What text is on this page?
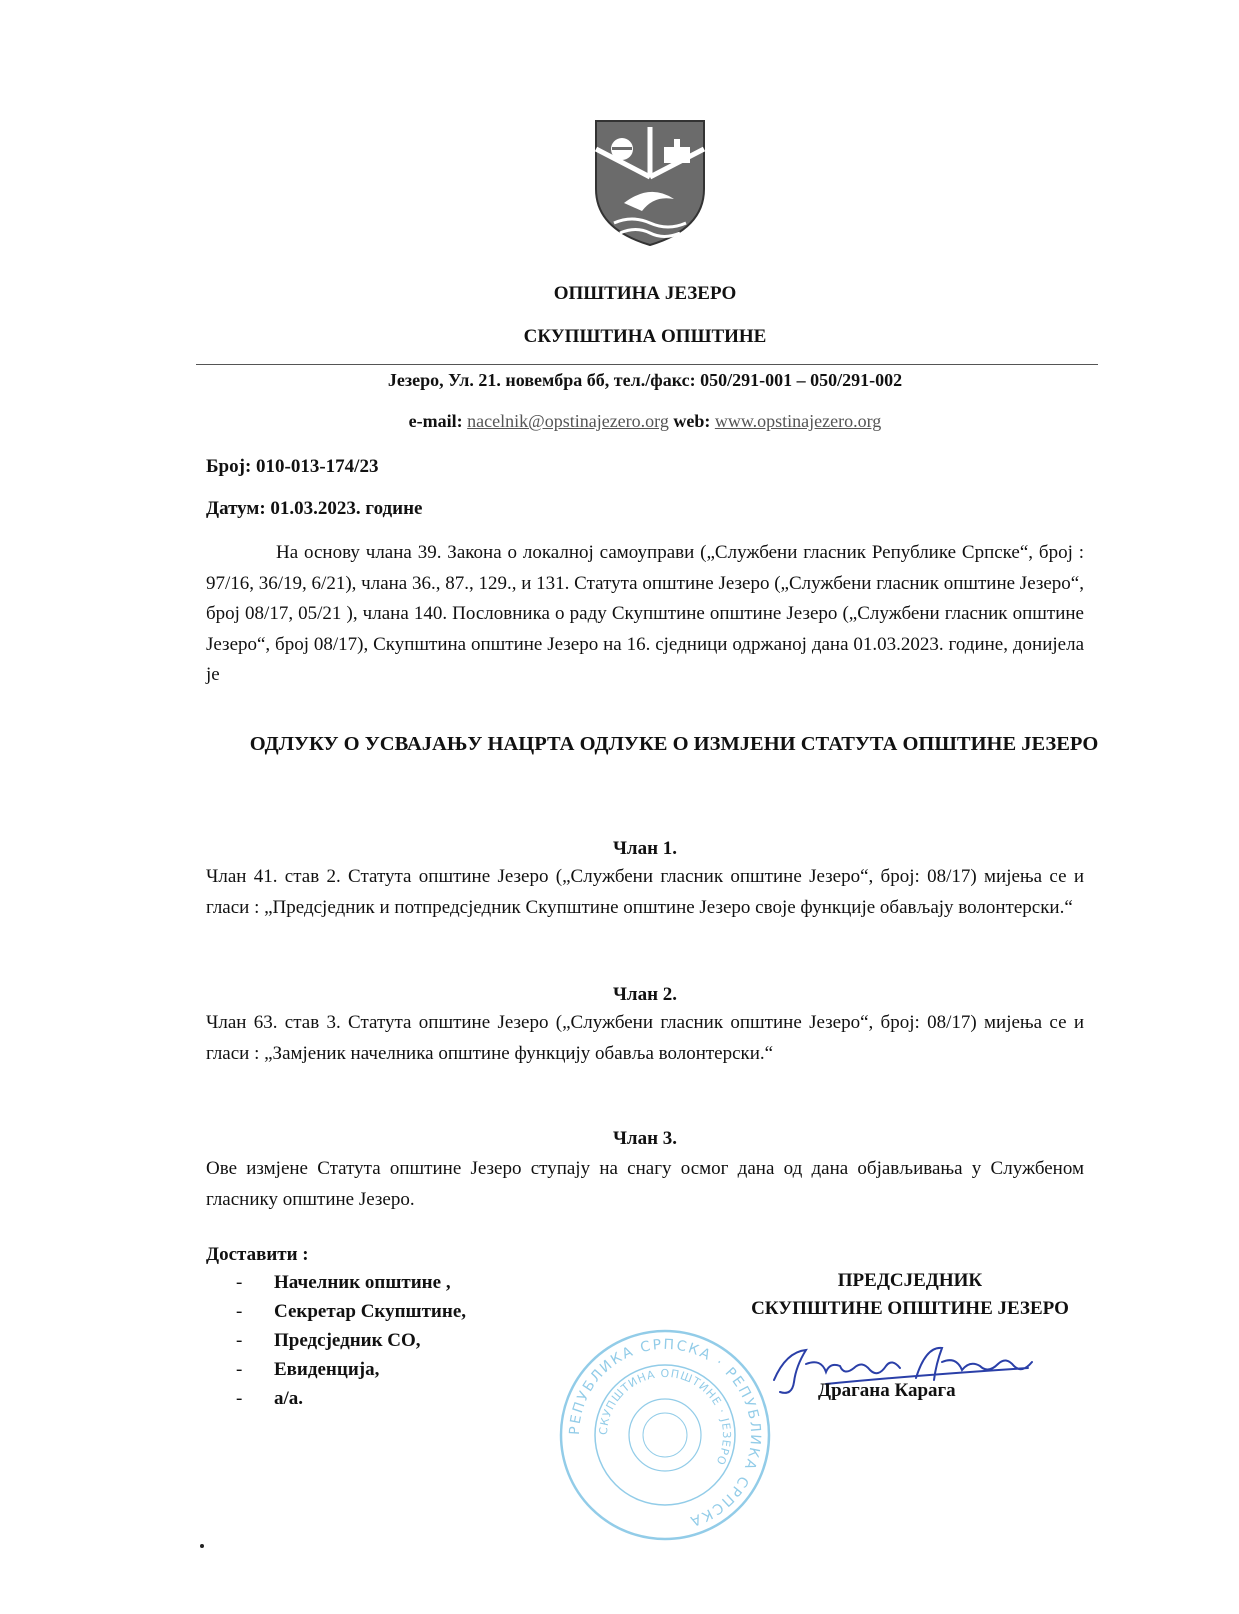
ОПШТИНА ЈЕЗЕРО
СКУПШТИНА ОПШТИНЕ
Језеро, Ул. 21. новембра бб, тел./факс: 050/291-001 – 050/291-002
e-mail: nacelnik@opstinajezero.org web: www.opstinajezero.org
Број: 010-013-174/23
Датум: 01.03.2023. године
На основу члана 39. Закона о локалној самоуправи („Службени гласник Републике Српске“, број : 97/16, 36/19, 6/21), члана 36., 87., 129., и 131. Статута општине Језеро („Службени гласник општине Језеро“, број 08/17, 05/21 ), члана 140. Пословника о раду Скупштине општине Језеро („Службени гласник општине Језеро“, број 08/17), Скупштина општине Језеро на 16. сједници одржаној дана 01.03.2023. године, донијела је
ОДЛУКУ О УСВАЈАЊУ НАЦРТА ОДЛУКЕ О ИЗМЈЕНИ СТАТУТА ОПШТИНЕ ЈЕЗЕРО
Члан 1.
Члан 41. став 2. Статута општине Језеро („Службени гласник општине Језеро“, број: 08/17) мијења се и гласи : „Предсједник и потпредсједник Скупштине општине Језеро своје функције обављају волонтерски.“
Члан 2.
Члан 63. став 3. Статута општине Језеро („Службени гласник општине Језеро“, број: 08/17) мијења се и гласи : „Замјеник начелника општине функцију обавља волонтерски.“
Члан 3.
Ове измјене Статута општине Језеро ступају на снагу осмог дана од дана објављивања у Службеном гласнику општине Језеро.
Доставити :
- Начелник општине ,
- Секретар Скупштине,
- Предсједник СО,
- Евиденција,
- а/а.
ПРЕДСЈЕДНИК
СКУПШТИНЕ ОПШТИНЕ ЈЕЗЕРО
РЕПУБЛИКА СРПСКА · РЕПУБЛИКА СРПСКА
СКУПШТИНА ОПШТИНЕ · ЈЕЗЕРО
Драгана Карага
